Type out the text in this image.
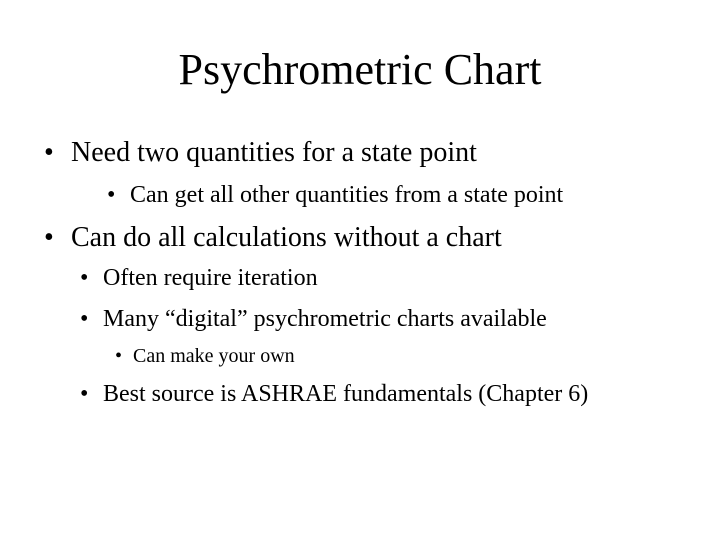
Psychrometric Chart
• Need two quantities for a state point
• Can get all other quantities from a state point
• Can do all calculations without a chart
• Often require iteration
• Many “digital” psychrometric charts available
• Can make your own
• Best source is ASHRAE fundamentals (Chapter 6)
